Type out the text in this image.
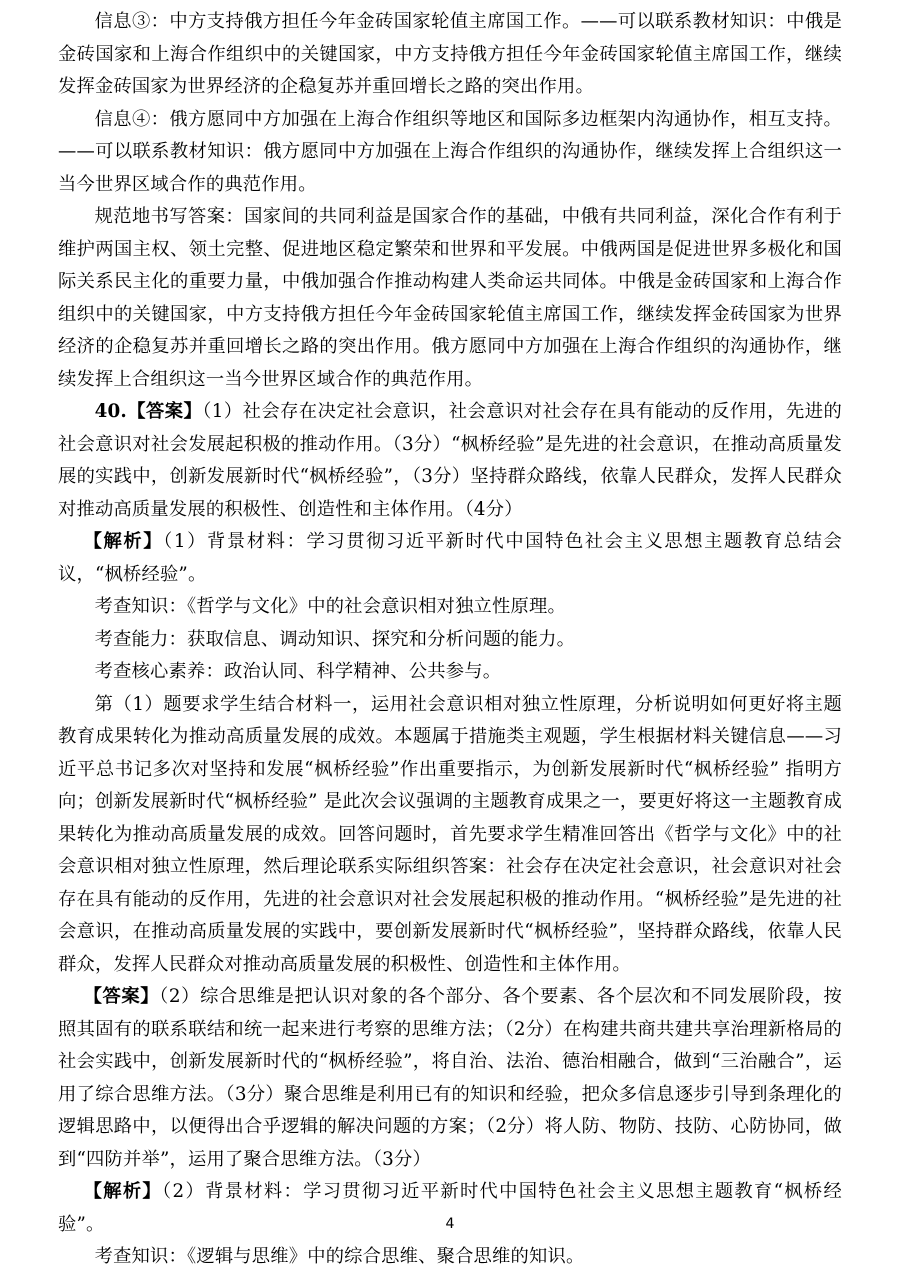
信息③：中方支持俄方担任今年金砖国家轮值主席国工作。——可以联系教材知识：中俄是金砖国家和上海合作组织中的关键国家，中方支持俄方担任今年金砖国家轮值主席国工作，继续发挥金砖国家为世界经济的企稳复苏并重回增长之路的突出作用。

信息④：俄方愿同中方加强在上海合作组织等地区和国际多边框架内沟通协作，相互支持。——可以联系教材知识：俄方愿同中方加强在上海合作组织的沟通协作，继续发挥上合组织这一当今世界区域合作的典范作用。

规范地书写答案：国家间的共同利益是国家合作的基础，中俄有共同利益，深化合作有利于维护两国主权、领土完整、促进地区稳定繁荣和世界和平发展。中俄两国是促进世界多极化和国际关系民主化的重要力量，中俄加强合作推动构建人类命运共同体。中俄是金砖国家和上海合作组织中的关键国家，中方支持俄方担任今年金砖国家轮值主席国工作，继续发挥金砖国家为世界经济的企稳复苏并重回增长之路的突出作用。俄方愿同中方加强在上海合作组织的沟通协作，继续发挥上合组织这一当今世界区域合作的典范作用。

40.【答案】（1）社会存在决定社会意识，社会意识对社会存在具有能动的反作用，先进的社会意识对社会发展起积极的推动作用。（3分）“枫桥经验”是先进的社会意识，在推动高质量发展的实践中，创新发展新时代“枫桥经验”，（3分）坚持群众路线，依靠人民群众，发挥人民群众对推动高质量发展的积极性、创造性和主体作用。（4分）

【解析】（1）背景材料：学习贯彻习近平新时代中国特色社会主义思想主题教育总结会议，“枫桥经验”。

考查知识：《哲学与文化》中的社会意识相对独立性原理。

考查能力：获取信息、调动知识、探究和分析问题的能力。

考查核心素养：政治认同、科学精神、公共参与。

第（1）题要求学生结合材料一，运用社会意识相对独立性原理，分析说明如何更好将主题教育成果转化为推动高质量发展的成效。本题属于措施类主观题，学生根据材料关键信息——习近平总书记多次对坚持和发展“枫桥经验”作出重要指示，为创新发展新时代“枫桥经验” 指明方向；创新发展新时代“枫桥经验” 是此次会议强调的主题教育成果之一，要更好将这一主题教育成果转化为推动高质量发展的成效。回答问题时，首先要求学生精准回答出《哲学与文化》中的社会意识相对独立性原理，然后理论联系实际组织答案：社会存在决定社会意识，社会意识对社会存在具有能动的反作用，先进的社会意识对社会发展起积极的推动作用。“枫桥经验”是先进的社会意识，在推动高质量发展的实践中，要创新发展新时代“枫桥经验”，坚持群众路线，依靠人民群众，发挥人民群众对推动高质量发展的积极性、创造性和主体作用。

【答案】（2）综合思维是把认识对象的各个部分、各个要素、各个层次和不同发展阶段，按照其固有的联系联结和统一起来进行考察的思维方法；（2分）在构建共商共建共享治理新格局的社会实践中，创新发展新时代的“枫桥经验”，将自治、法治、德治相融合，做到“三治融合”，运用了综合思维方法。（3分）聚合思维是利用已有的知识和经验，把众多信息逐步引导到条理化的逻辑思路中，以便得出合乎逻辑的解决问题的方案；（2分）将人防、物防、技防、心防协同，做到“四防并举”，运用了聚合思维方法。（3分）

【解析】（2）背景材料：学习贯彻习近平新时代中国特色社会主义思想主题教育“枫桥经验”。

考查知识：《逻辑与思维》中的综合思维、聚合思维的知识。

4
